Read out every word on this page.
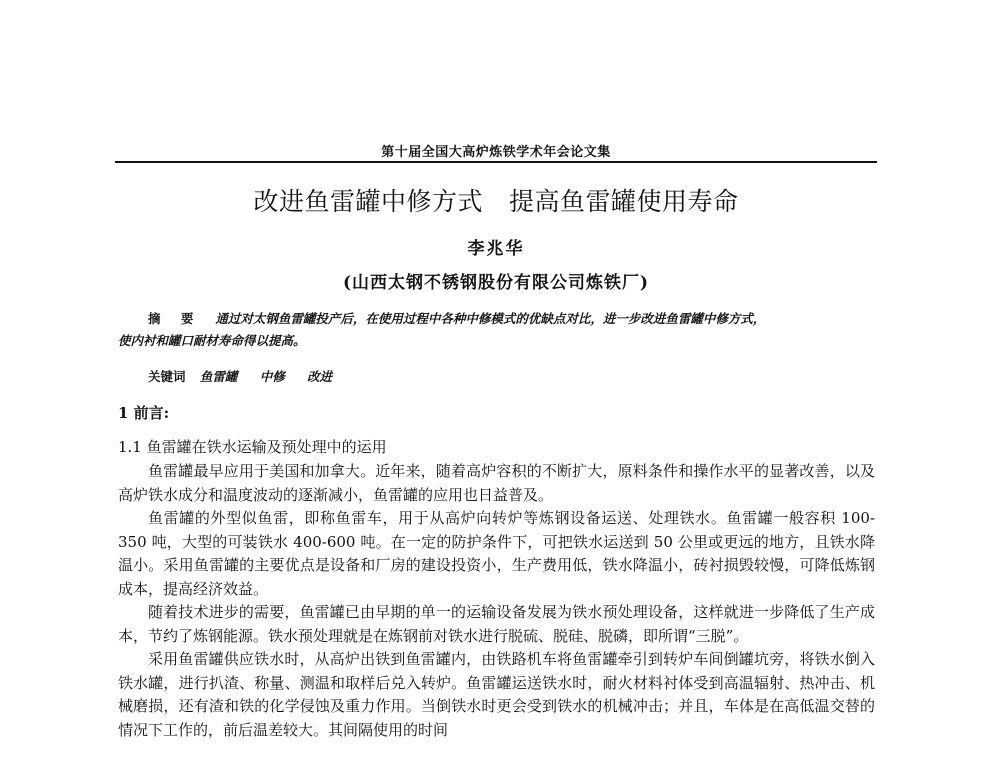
第十届全国大高炉炼铁学术年会论文集
改进鱼雷罐中修方式 提高鱼雷罐使用寿命
李兆华
(山西太钢不锈钢股份有限公司炼铁厂)
摘 要 通过对太钢鱼雷罐投产后，在使用过程中各种中修模式的优缺点对比，进一步改进鱼雷罐中修方式，
使内衬和罐口耐材寿命得以提高。
关键词 鱼雷罐 中修 改进
1 前言:
1.1 鱼雷罐在铁水运输及预处理中的运用

鱼雷罐最早应用于美国和加拿大。近年来，随着高炉容积的不断扩大，原料条件和操作水平的显著改善，以及高炉铁水成分和温度波动的逐渐减小，鱼雷罐的应用也日益普及。

鱼雷罐的外型似鱼雷，即称鱼雷车，用于从高炉向转炉等炼钢设备运送、处理铁水。鱼雷罐一般容积 100-350 吨，大型的可装铁水 400-600 吨。在一定的防护条件下，可把铁水运送到 50 公里或更远的地方，且铁水降温小。采用鱼雷罐的主要优点是设备和厂房的建设投资小，生产费用低，铁水降温小，砖衬损毁较慢，可降低炼钢成本，提高经济效益。

随着技术进步的需要，鱼雷罐已由早期的单一的运输设备发展为铁水预处理设备，这样就进一步降低了生产成本，节约了炼钢能源。铁水预处理就是在炼钢前对铁水进行脱硫、脱硅、脱磷，即所谓“三脱”。

采用鱼雷罐供应铁水时，从高炉出铁到鱼雷罐内，由铁路机车将鱼雷罐牵引到转炉车间倒罐坑旁，将铁水倒入铁水罐，进行扒渣、称量、测温和取样后兑入转炉。鱼雷罐运送铁水时，耐火材料衬体受到高温辐射、热冲击、机械磨损，还有渣和铁的化学侵蚀及重力作用。当倒铁水时更会受到铁水的机械冲击；并且，车体是在高低温交替的情况下工作的，前后温差较大。其间隔使用的时间
